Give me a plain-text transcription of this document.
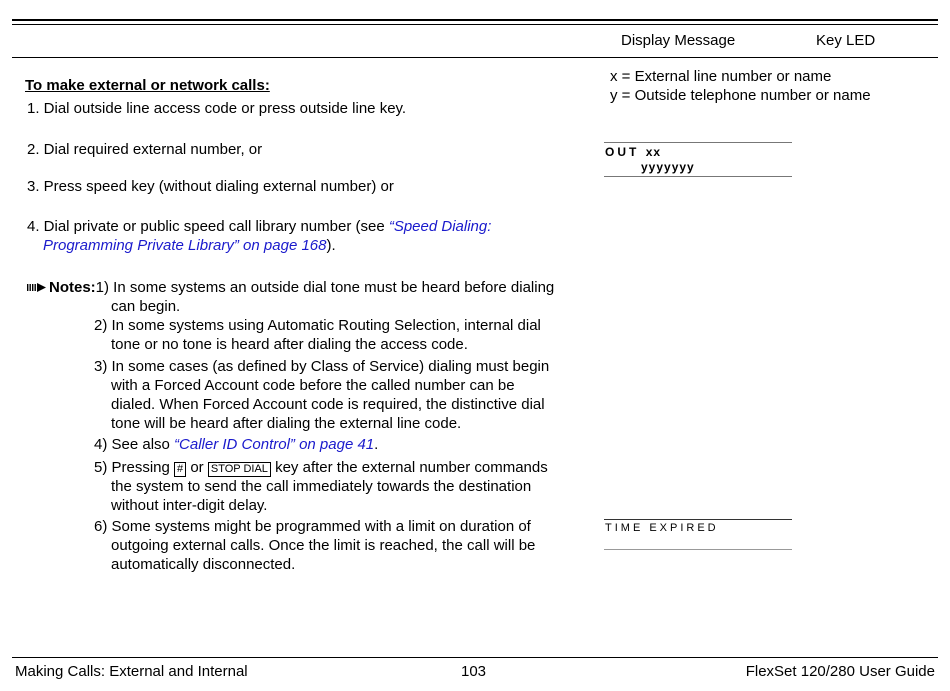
Display Message	Key LED
x = External line number or name
y = Outside telephone number or name
To make external or network calls:
1. Dial outside line access code or press outside line key.
2. Dial required external number, or
3. Press speed key (without dialing external number) or
4. Dial private or public speed call library number (see “Speed Dialing:
Programming Private Library” on page 168).
OUT xx
yyyyyyy
Notes:1) In some systems an outside dial tone must be heard before dialing
can begin.
2) In some systems using Automatic Routing Selection, internal dial
tone or no tone is heard after dialing the access code.
3) In some cases (as defined by Class of Service) dialing must begin
with a Forced Account code before the called number can be
dialed. When Forced Account code is required, the distinctive dial
tone will be heard after dialing the external line code.
4) See also “Caller ID Control” on page 41.
5) Pressing # or STOP DIAL key after the external number commands
the system to send the call immediately towards the destination
without inter-digit delay.
6) Some systems might be programmed with a limit on duration of
outgoing external calls. Once the limit is reached, the call will be
automatically disconnected.
TIME EXPIRED
Making Calls: External and Internal	103	FlexSet 120/280 User Guide
